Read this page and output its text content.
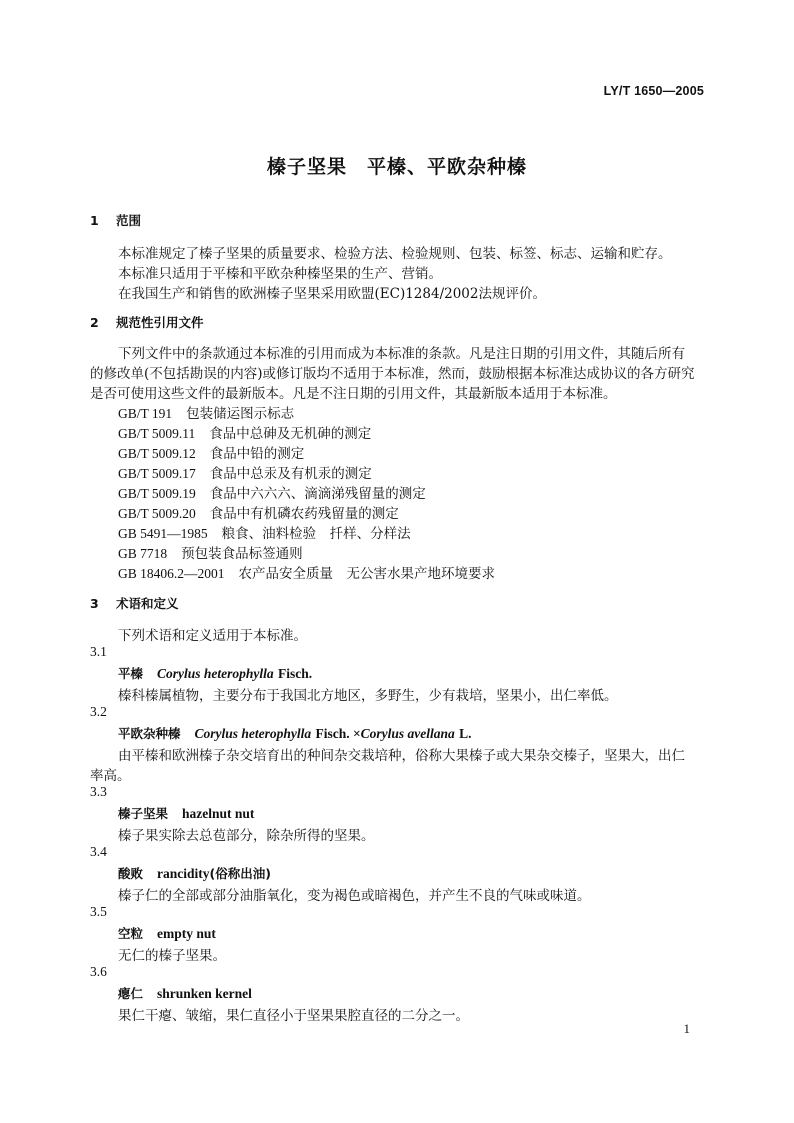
LY/T 1650—2005
榛子坚果　平榛、平欧杂种榛
1 范围
本标准规定了榛子坚果的质量要求、检验方法、检验规则、包装、标签、标志、运输和贮存。
本标准只适用于平榛和平欧杂种榛坚果的生产、营销。
在我国生产和销售的欧洲榛子坚果采用欧盟(EC)1284/2002法规评价。
2 规范性引用文件
下列文件中的条款通过本标准的引用而成为本标准的条款。凡是注日期的引用文件，其随后所有
的修改单(不包括勘误的内容)或修订版均不适用于本标准，然而，鼓励根据本标准达成协议的各方研究
是否可使用这些文件的最新版本。凡是不注日期的引用文件，其最新版本适用于本标准。
GB/T 191 包装储运图示标志
GB/T 5009.11 食品中总砷及无机砷的测定
GB/T 5009.12 食品中铅的测定
GB/T 5009.17 食品中总汞及有机汞的测定
GB/T 5009.19 食品中六六六、滴滴涕残留量的测定
GB/T 5009.20 食品中有机磷农药残留量的测定
GB 5491—1985 粮食、油料检验　扦样、分样法
GB 7718 预包装食品标签通则
GB 18406.2—2001 农产品安全质量　无公害水果产地环境要求
3 术语和定义
下列术语和定义适用于本标准。
3.1
平榛 Corylus heterophylla Fisch.
榛科榛属植物，主要分布于我国北方地区，多野生，少有栽培，坚果小，出仁率低。
3.2
平欧杂种榛 Corylus heterophylla Fisch. ×Corylus avellana L.
由平榛和欧洲榛子杂交培育出的种间杂交栽培种，俗称大果榛子或大果杂交榛子，坚果大，出仁
率高。
3.3
榛子坚果 hazelnut nut
榛子果实除去总苞部分，除杂所得的坚果。
3.4
酸败 rancidity(俗称出油)
榛子仁的全部或部分油脂氧化，变为褐色或暗褐色，并产生不良的气味或味道。
3.5
空粒 empty nut
无仁的榛子坚果。
3.6
瘪仁 shrunken kernel
果仁干瘪、皱缩，果仁直径小于坚果果腔直径的二分之一。
1
